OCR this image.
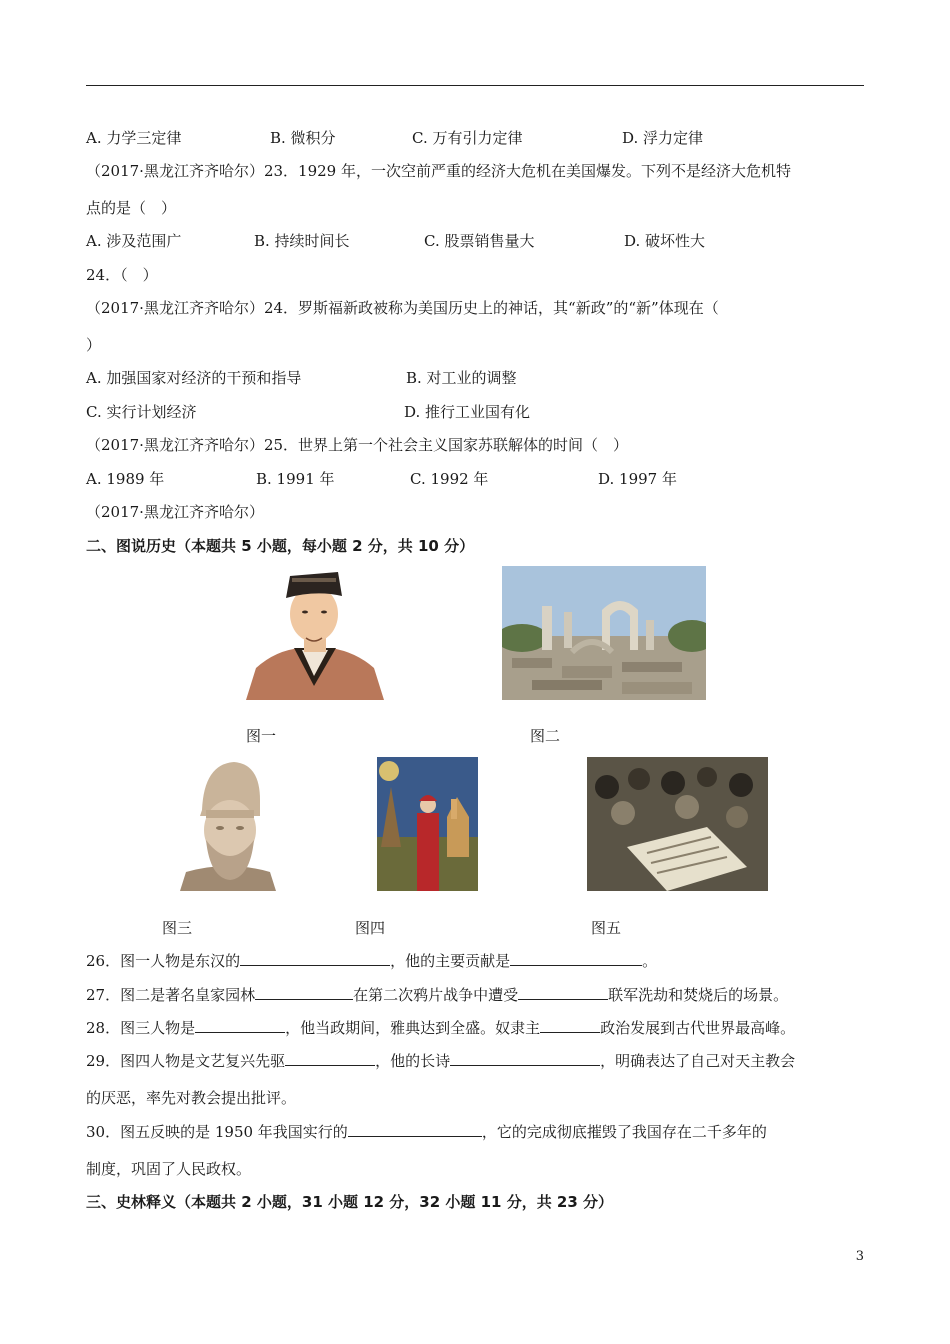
A. 力学三定律	B. 微积分	C. 万有引力定律	D. 浮力定律
（2017·黑龙江齐齐哈尔）23．1929 年，一次空前严重的经济大危机在美国爆发。下列不是经济大危机特
点的是（　）
A. 涉及范围广	B. 持续时间长	C. 股票销售量大	D. 破坏性大
24．（　）
（2017·黑龙江齐齐哈尔）24．罗斯福新政被称为美国历史上的神话，其“新政”的“新”体现在（
）
A. 加强国家对经济的干预和指导	B. 对工业的调整
C. 实行计划经济	D. 推行工业国有化
（2017·黑龙江齐齐哈尔）25．世界上第一个社会主义国家苏联解体的时间（　）
A. 1989 年	B. 1991 年	C. 1992 年	D. 1997 年
（2017·黑龙江齐齐哈尔）
二、图说历史（本题共 5 小题，每小题 2 分，共 10 分）
图一	图二
图三	图四	图五
26．图一人物是东汉的	，他的主要贡献是	。
27．图二是著名皇家园林	在第二次鸦片战争中遭受	联军洗劫和焚烧后的场景。
28．图三人物是	，他当政期间，雅典达到全盛。奴隶主	政治发展到古代世界最高峰。
29．图四人物是文艺复兴先驱	，他的长诗	，明确表达了自己对天主教会
的厌恶，率先对教会提出批评。
30．图五反映的是 1950 年我国实行的	，它的完成彻底摧毁了我国存在二千多年的
制度，巩固了人民政权。
三、史林释义（本题共 2 小题，31 小题 12 分，32 小题 11 分，共 23 分）
3
